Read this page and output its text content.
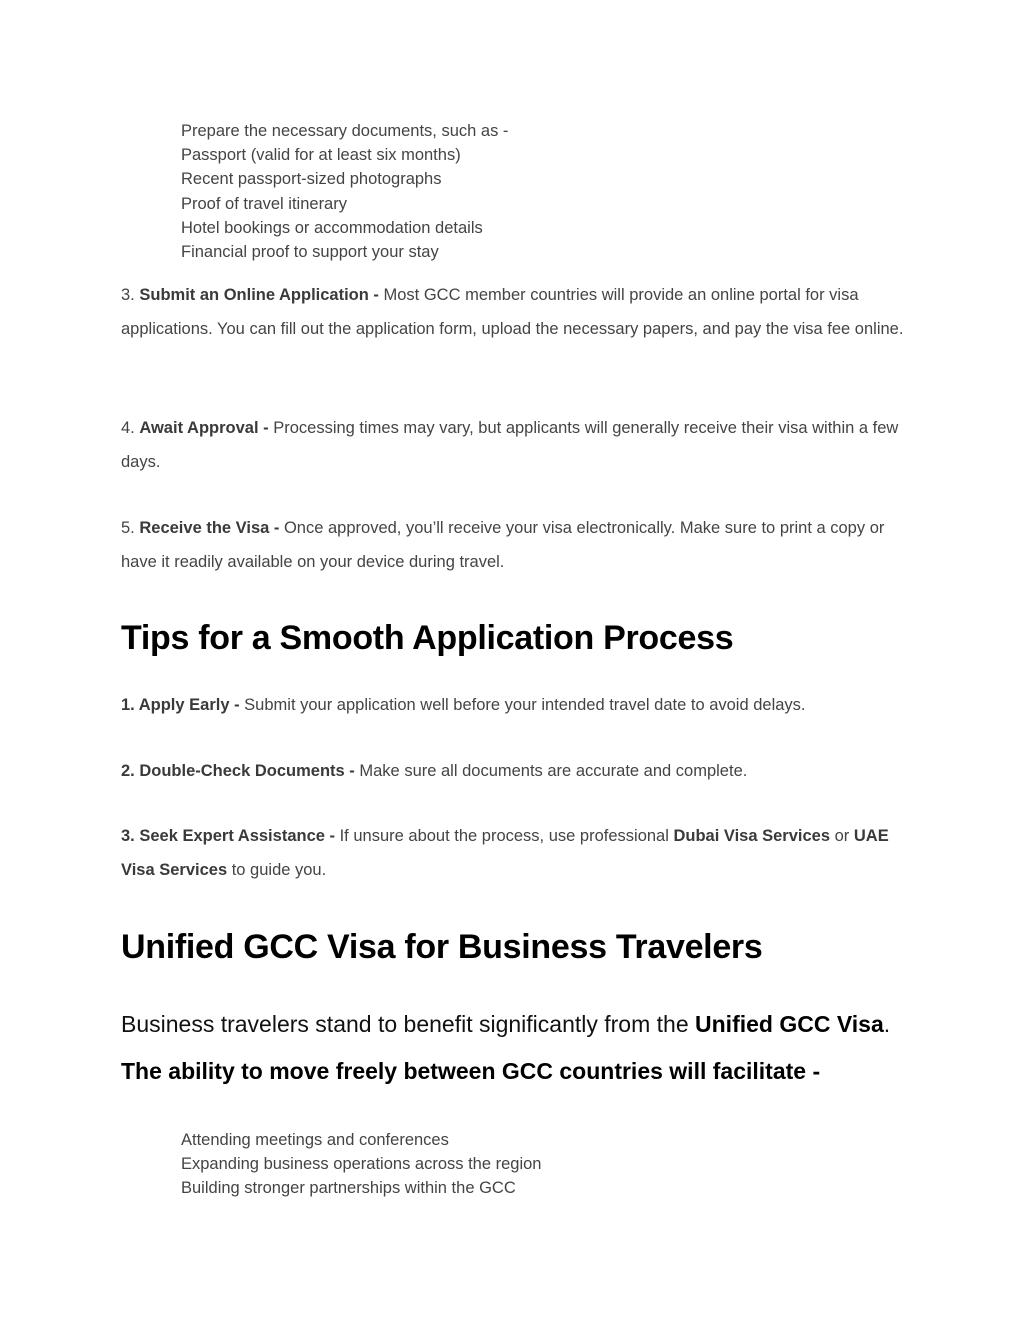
Prepare the necessary documents, such as -
Passport (valid for at least six months)
Recent passport-sized photographs
Proof of travel itinerary
Hotel bookings or accommodation details
Financial proof to support your stay

3. Submit an Online Application - Most GCC member countries will provide an online portal for visa applications. You can fill out the application form, upload the necessary papers, and pay the visa fee online.

4. Await Approval - Processing times may vary, but applicants will generally receive their visa within a few days.

5. Receive the Visa - Once approved, you’ll receive your visa electronically. Make sure to print a copy or have it readily available on your device during travel.

Tips for a Smooth Application Process

1. Apply Early - Submit your application well before your intended travel date to avoid delays.

2. Double-Check Documents - Make sure all documents are accurate and complete.

3. Seek Expert Assistance - If unsure about the process, use professional Dubai Visa Services or UAE Visa Services to guide you.

Unified GCC Visa for Business Travelers

Business travelers stand to benefit significantly from the Unified GCC Visa. The ability to move freely between GCC countries will facilitate -

Attending meetings and conferences
Expanding business operations across the region
Building stronger partnerships within the GCC
